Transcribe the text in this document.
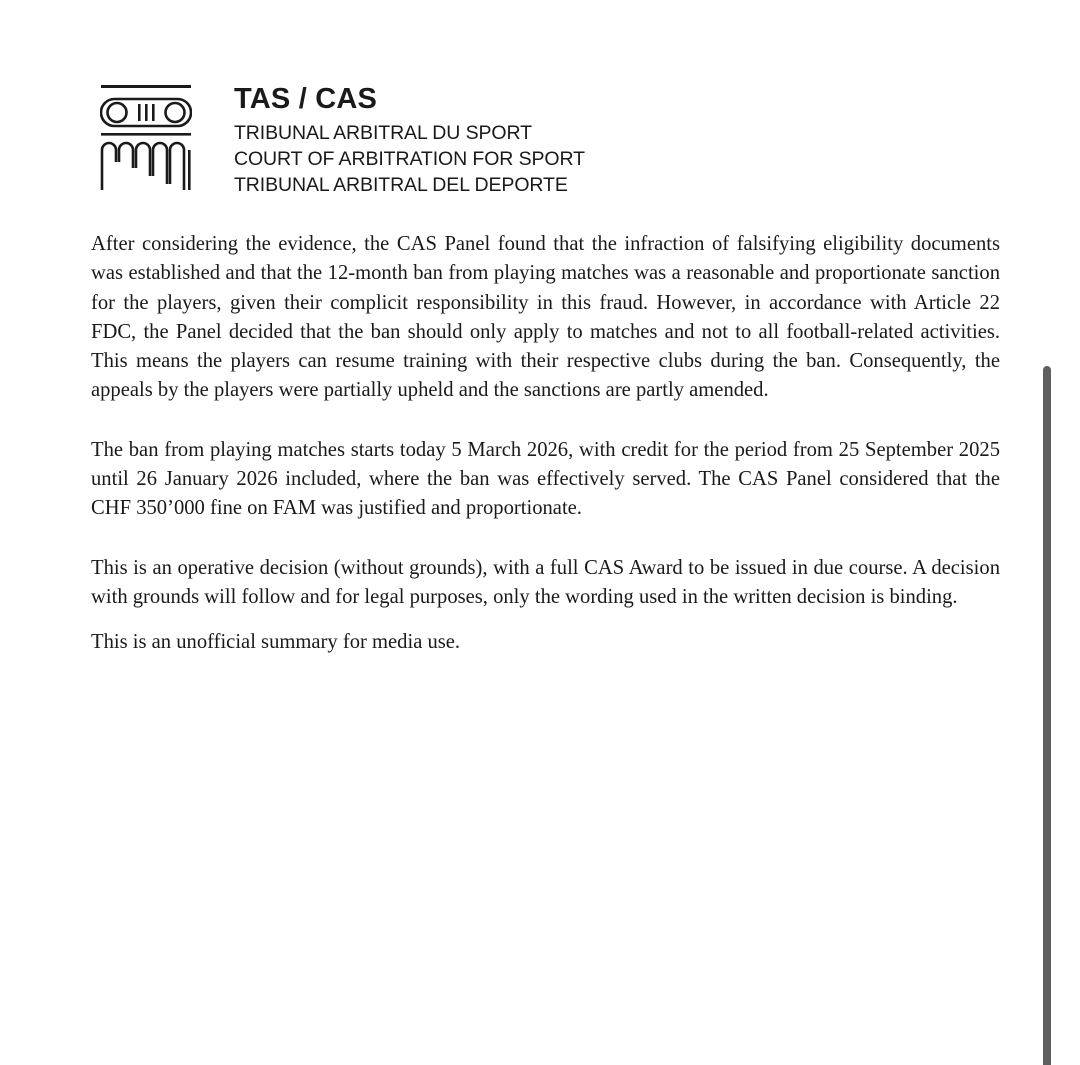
TAS / CAS
TRIBUNAL ARBITRAL DU SPORT
COURT OF ARBITRATION FOR SPORT
TRIBUNAL ARBITRAL DEL DEPORTE

After considering the evidence, the CAS Panel found that the infraction of falsifying eligibility documents was established and that the 12-month ban from playing matches was a reasonable and proportionate sanction for the players, given their complicit responsibility in this fraud. However, in accordance with Article 22 FDC, the Panel decided that the ban should only apply to matches and not to all football-related activities. This means the players can resume training with their respective clubs during the ban. Consequently, the appeals by the players were partially upheld and the sanctions are partly amended.

The ban from playing matches starts today 5 March 2026, with credit for the period from 25 September 2025 until 26 January 2026 included, where the ban was effectively served. The CAS Panel considered that the CHF 350’000 fine on FAM was justified and proportionate.

This is an operative decision (without grounds), with a full CAS Award to be issued in due course. A decision with grounds will follow and for legal purposes, only the wording used in the written decision is binding.

This is an unofficial summary for media use.
